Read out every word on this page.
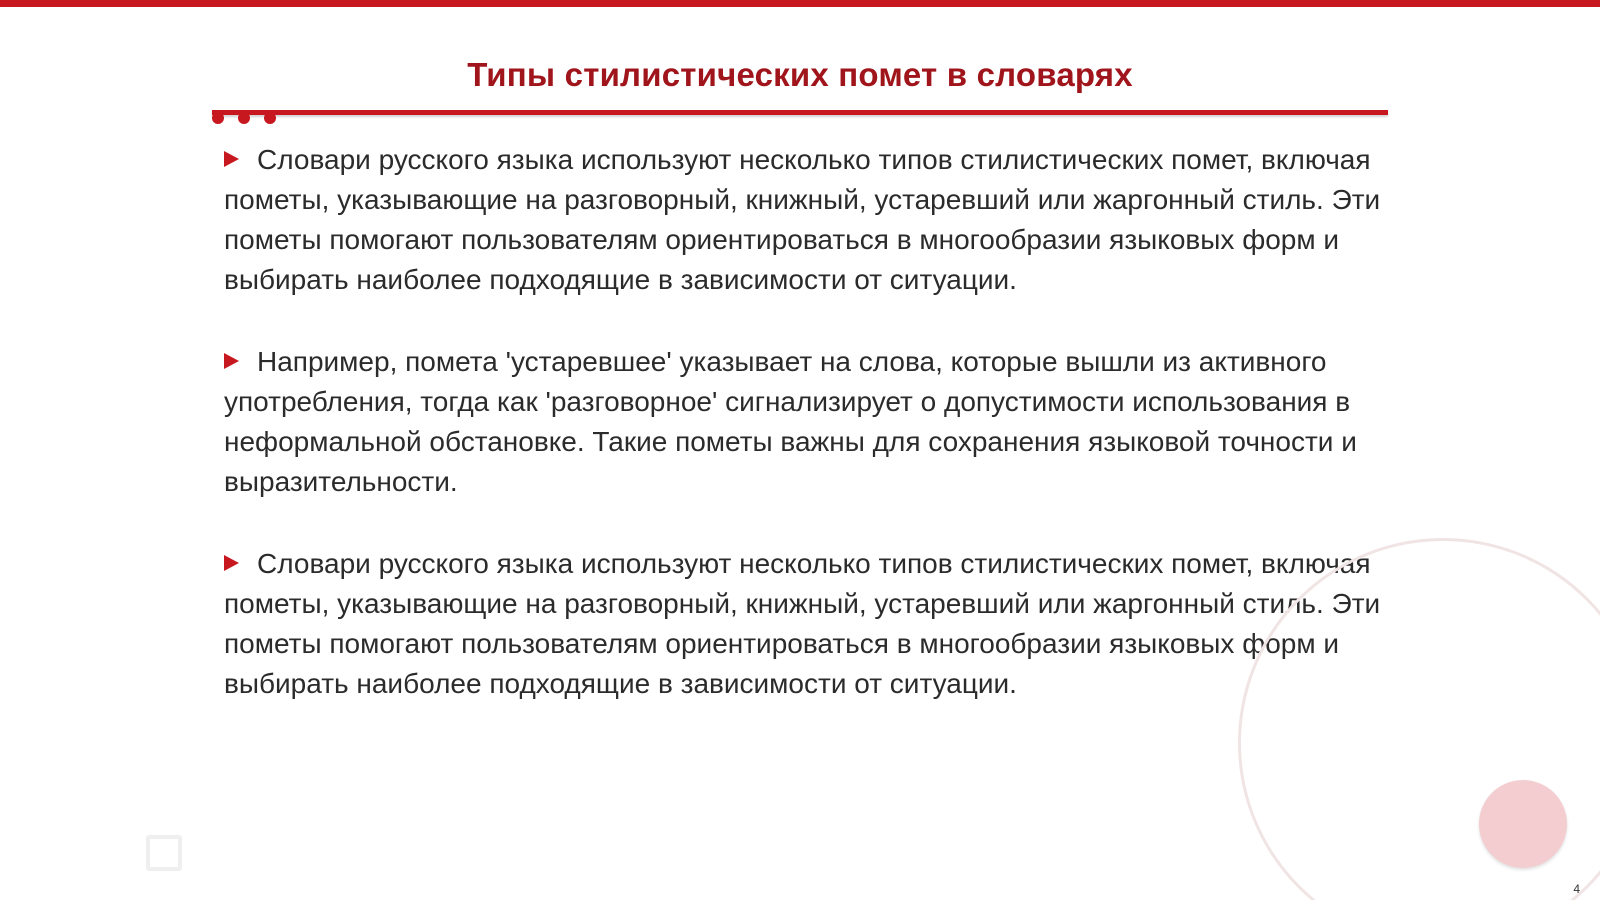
Типы стилистических помет в словарях
Словари русского языка используют несколько типов стилистических помет, включая пометы, указывающие на разговорный, книжный, устаревший или жаргонный стиль. Эти пометы помогают пользователям ориентироваться в многообразии языковых форм и выбирать наиболее подходящие в зависимости от ситуации.
Например, помета 'устаревшее' указывает на слова, которые вышли из активного употребления, тогда как 'разговорное' сигнализирует о допустимости использования в неформальной обстановке. Такие пометы важны для сохранения языковой точности и выразительности.
Словари русского языка используют несколько типов стилистических помет, включая пометы, указывающие на разговорный, книжный, устаревший или жаргонный стиль. Эти пометы помогают пользователям ориентироваться в многообразии языковых форм и выбирать наиболее подходящие в зависимости от ситуации.
4
